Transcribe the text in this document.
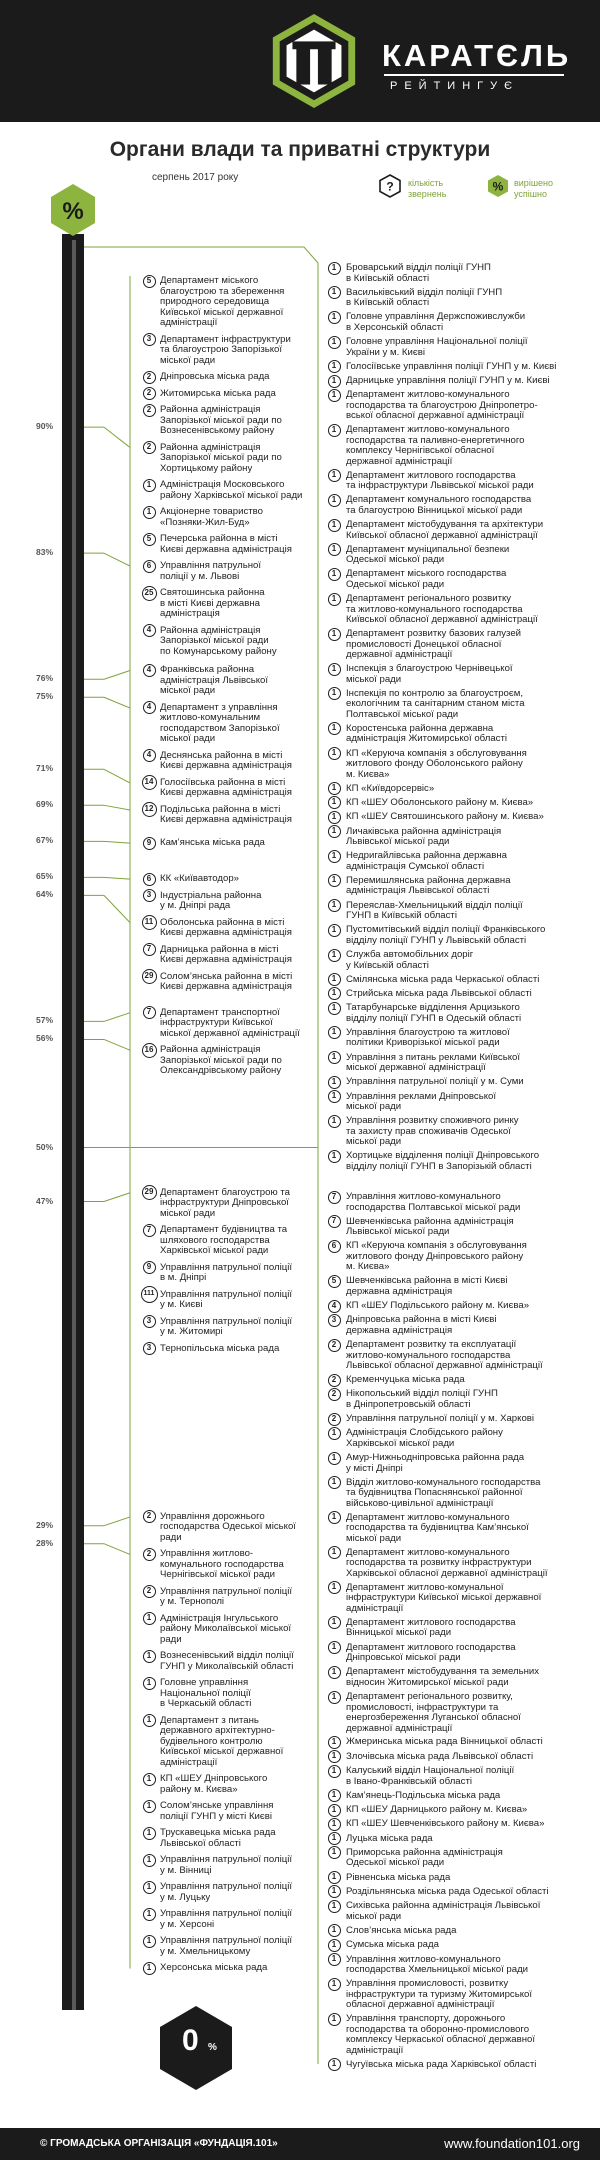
КАРАТЄЛЬ
РЕЙТИНГУЄ
Органи влади та приватні структури
серпень 2017 року
? кількість звернень
% вирішено успішно
%
0 %
5 Департамент міського
благоустрою та збереження
природного середовища
Київської міської державної
адміністрації
3 Департамент інфраструктури
та благоустрою Запорізької
міської ради
2 Дніпровська міська рада
2 Житомирська міська рада
2 Районна адміністрація
Запорізької міської ради по
Вознесенівському району
90%
2 Районна адміністрація
Запорізької міської ради по
Хортицькому району
1 Адміністрація Московського
району Харківської міської ради
1 Акціонерне товариство
«Позняки-Жил-Буд»
5 Печерська районна в місті
Києві державна адміністрація
83%
6 Управління патрульної
поліції у м. Львові
25 Святошинська районна
в місті Києві державна
адміністрація
4 Районна адміністрація
Запорізької міської ради
по Комунарському району
76%
4 Франківська районна
адміністрація Львівської
міської ради
75%
4 Департамент з управління
житлово-комунальним
господарством Запорізької
міської ради
4 Деснянська районна в місті
Києві державна адміністрація
71%
14 Голосіївська районна в місті
Києві державна адміністрація
69%	12 Подільська районна в місті
Києві державна адміністрація
67%	9 Кам’янська міська рада
65%	6 КК «Київавтодор»
3 Індустріальна районна
у м. Дніпрі рада
64%
11 Оболонська районна в місті
Києві державна адміністрація
7 Дарницька районна в місті
Києві державна адміністрація
29 Солом’янська районна в місті
Києві державна адміністрація
57%
7 Департамент транспортної
інфраструктури Київської
міської державної адміністрації
56%
16 Районна адміністрація
Запорізької міської ради по
Олександрівському району
50%
47%
29 Департамент благоустрою та
інфраструктури Дніпровської
міської ради
7 Департамент будівництва та
шляхового господарства
Харківської міської ради
9 Управління патрульної поліції
в м. Дніпрі
111 Управління патрульної поліції
у м. Києві
3 Управління патрульної поліції
у м. Житомирі
3 Тернопільська міська рада
29%
2 Управління дорожнього
господарства Одеської міської
ради
28%
2 Управління житлово-
комунального господарства
Чернігівської міської ради
2 Управління патрульної поліції
у м. Тернополі
1 Адміністрація Інгульського
району Миколаївської міської
ради
1 Вознесенівський відділ поліції
ГУНП у Миколаївській області
1 Головне управління
Національної поліції
в Черкаській області
1 Департамент з питань
державного архітектурно-
будівельного контролю
Київської міської державної
адміністрації
1 КП «ШЕУ Дніпровського
району м. Києва»
1 Солом’янське управління
поліції ГУНП у місті Києві
1 Трускавецька міська рада
Львівської області
1 Управління патрульної поліції
у м. Вінниці
1 Управління патрульної поліції
у м. Луцьку
1 Управління патрульної поліції
у м. Херсоні
1 Управління патрульної поліції
у м. Хмельницькому
1 Херсонська міська рада
1	Броварський відділ поліції ГУНП
в Київській області
1	Васильківський відділ поліції ГУНП
в Київській області
1	Головне управління Держспоживслужби
в Херсонській області
1	Головне управління Національної поліції
України у м. Києві
1	Голосіївське управління поліції ГУНП у м. Києві
1	Дарницьке управління поліції ГУНП у м. Києві
1	Департамент житлово-комунального
господарства та благоустрою Дніпропетро-
вської обласної державної адміністрації
1	Департамент житлово-комунального
господарства та паливно-енергетичного
комплексу Чернігівської обласної
державної адміністрації
1	Департамент житлового господарства
та інфраструктури Львівської міської ради
1	Департамент комунального господарства
та благоустрою Вінницької міської ради
1	Департамент містобудування та архітектури
Київської обласної державної адміністрації
1	Департамент муніципальної безпеки
Одеської міської ради
1	Департамент міського господарства
Одеської міської ради
1	Департамент регіонального розвитку
та житлово-комунального господарства
Київської обласної державної адміністрації
1	Департамент розвитку базових галузей
промисловості Донецької обласної
державної адміністрації
1	Інспекція з благоустрою Чернівецької
міської ради
1	Інспекція по контролю за благоустроєм,
екологічним та санітарним станом міста
Полтавської міської ради
1	Коростенська районна державна
адміністрація Житомирської області
1	КП «Керуюча компанія з обслуговування
житлового фонду Оболонського району
м. Києва»
1	КП «Київдорсервіс»
1	КП «ШЕУ Оболонського району м. Києва»
1	КП «ШЕУ Святошинського району м. Києва»
1	Личаківська районна адміністрація
Львівської міської ради
1	Недригайлівська районна державна
адміністрація Сумської області
1	Перемишлянська районна державна
адміністрація Львівської області
1	Переяслав-Хмельницький відділ поліції
ГУНП в Київській області
1	Пустомитівський відділ поліції Франківського
відділу поліції ГУНП у Львівській області
1	Служба автомобільних доріг
у Київській області
1	Смілянська міська рада Черкаської області
1	Стрийська міська рада Львівської області
1	Татарбунарське відділення Арцизького
відділу поліції ГУНП в Одеській області
1	Управління благоустрою та житлової
політики Криворізької міської ради
1	Управління з питань реклами Київської
міської державної адміністрації
1	Управління патрульної поліції у м. Суми
1	Управління реклами Дніпровської
міської ради
1	Управління розвитку споживчого ринку
та захисту прав споживачів Одеської
міської ради
1	Хортицьке відділення поліції Дніпровського
відділу поліції ГУНП в Запорізькій області
7	Управління житлово-комунального
господарства Полтавської міської ради
7	Шевченківська районна адміністрація
Львівської міської ради
6	КП «Керуюча компанія з обслуговування
житлового фонду Дніпровського району
м. Києва»
5	Шевченківська районна в місті Києві
державна адміністрація
4	КП «ШЕУ Подільського району м. Києва»
3	Дніпровська районна в місті Києві
державна адміністрація
2	Департамент розвитку та експлуатації
житлово-комунального господарства
Львівської обласної державної адміністрації
2	Кременчуцька міська рада
2	Нікопольський відділ поліції ГУНП
в Дніпропетровській області
2	Управління патрульної поліції у м. Харкові
1	Адміністрація Слобідського району
Харківської міської ради
1	Амур-Нижньодніпровська районна рада
у місті Дніпрі
1	Відділ житлово-комунального господарства
та будівництва Попаснянської районної
військово-цивільної адміністрації
1	Департамент житлово-комунального
господарства та будівництва Кам’янської
міської ради
1	Департамент житлово-комунального
господарства та розвитку інфраструктури
Харківської обласної державної адміністрації
1	Департамент житлово-комунальної
інфраструктури Київської міської державної
адміністрації
1	Департамент житлового господарства
Вінницької міської ради
1	Департамент житлового господарства
Дніпровської міської ради
1	Департамент містобудування та земельних
відносин Житомирської міської ради
1	Департамент регіонального розвитку,
промисловості, інфраструктури та
енергозбереження Луганської обласної
державної адміністрації
1	Жмеринська міська рада Вінницької області
1	Злочівська міська рада Львівської області
1	Калуський відділ Національної поліції
в Івано-Франківській області
1	Кам’янець-Подільська міська рада
1	КП «ШЕУ Дарницького району м. Києва»
1	КП «ШЕУ Шевченківського району м. Києва»
1	Луцька міська рада
1	Приморська районна адміністрація
Одеської міської ради
1	Рівненська міська рада
1	Роздільнянська міська рада Одеської області
1	Сихівська районна адміністрація Львівської
міської ради
1	Слов’янська міська рада
1	Сумська міська рада
1	Управління житлово-комунального
господарства Хмельницької міської ради
1	Управління промисловості, розвитку
інфраструктури та туризму Житомирської
обласної державної адміністрації
1	Управління транспорту, дорожнього
господарства та оборонно-промислового
комплексу Черкаської обласної державної
адміністрації
1	Чугуївська міська рада Харківської області
© ГРОМАДСЬКА ОРГАНІЗАЦІЯ «ФУНДАЦІЯ.101»	www.foundation101.org
